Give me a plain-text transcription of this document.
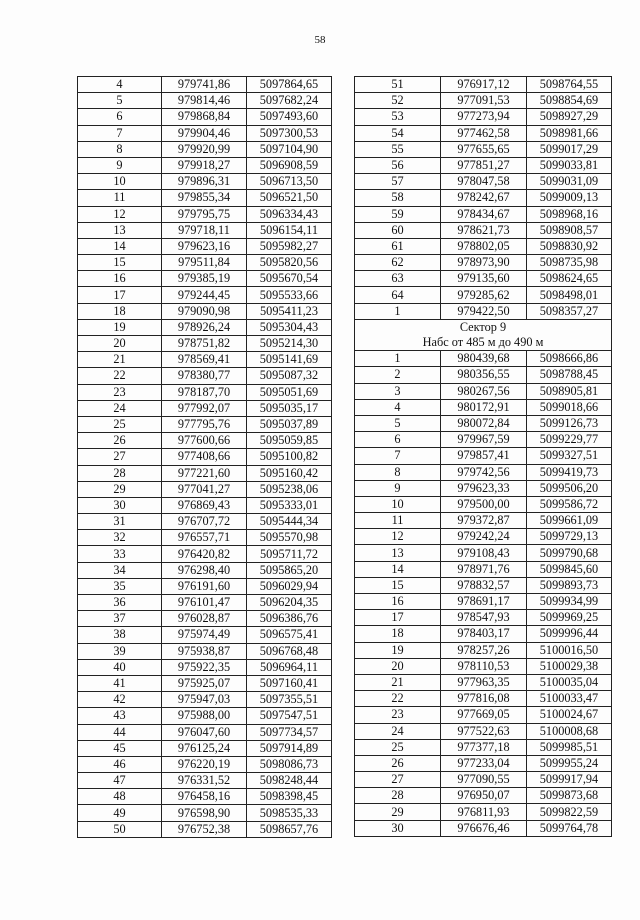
58
4	979741,86	5097864,65
5	979814,46	5097682,24
6	979868,84	5097493,60
7	979904,46	5097300,53
8	979920,99	5097104,90
9	979918,27	5096908,59
10	979896,31	5096713,50
11	979855,34	5096521,50
12	979795,75	5096334,43
13	979718,11	5096154,11
14	979623,16	5095982,27
15	979511,84	5095820,56
16	979385,19	5095670,54
17	979244,45	5095533,66
18	979090,98	5095411,23
19	978926,24	5095304,43
20	978751,82	5095214,30
21	978569,41	5095141,69
22	978380,77	5095087,32
23	978187,70	5095051,69
24	977992,07	5095035,17
25	977795,76	5095037,89
26	977600,66	5095059,85
27	977408,66	5095100,82
28	977221,60	5095160,42
29	977041,27	5095238,06
30	976869,43	5095333,01
31	976707,72	5095444,34
32	976557,71	5095570,98
33	976420,82	5095711,72
34	976298,40	5095865,20
35	976191,60	5096029,94
36	976101,47	5096204,35
37	976028,87	5096386,76
38	975974,49	5096575,41
39	975938,87	5096768,48
40	975922,35	5096964,11
41	975925,07	5097160,41
42	975947,03	5097355,51
43	975988,00	5097547,51
44	976047,60	5097734,57
45	976125,24	5097914,89
46	976220,19	5098086,73
47	976331,52	5098248,44
48	976458,16	5098398,45
49	976598,90	5098535,33
50	976752,38	5098657,76
51	976917,12	5098764,55
52	977091,53	5098854,69
53	977273,94	5098927,29
54	977462,58	5098981,66
55	977655,65	5099017,29
56	977851,27	5099033,81
57	978047,58	5099031,09
58	978242,67	5099009,13
59	978434,67	5098968,16
60	978621,73	5098908,57
61	978802,05	5098830,92
62	978973,90	5098735,98
63	979135,60	5098624,65
64	979285,62	5098498,01
1	979422,50	5098357,27
Сектор 9		
Набс от 485 м до 490 м		
1	980439,68	5098666,86
2	980356,55	5098788,45
3	980267,56	5098905,81
4	980172,91	5099018,66
5	980072,84	5099126,73
6	979967,59	5099229,77
7	979857,41	5099327,51
8	979742,56	5099419,73
9	979623,33	5099506,20
10	979500,00	5099586,72
11	979372,87	5099661,09
12	979242,24	5099729,13
13	979108,43	5099790,68
14	978971,76	5099845,60
15	978832,57	5099893,73
16	978691,17	5099934,99
17	978547,93	5099969,25
18	978403,17	5099996,44
19	978257,26	5100016,50
20	978110,53	5100029,38
21	977963,35	5100035,04
22	977816,08	5100033,47
23	977669,05	5100024,67
24	977522,63	5100008,68
25	977377,18	5099985,51
26	977233,04	5099955,24
27	977090,55	5099917,94
28	976950,07	5099873,68
29	976811,93	5099822,59
30	976676,46	5099764,78
